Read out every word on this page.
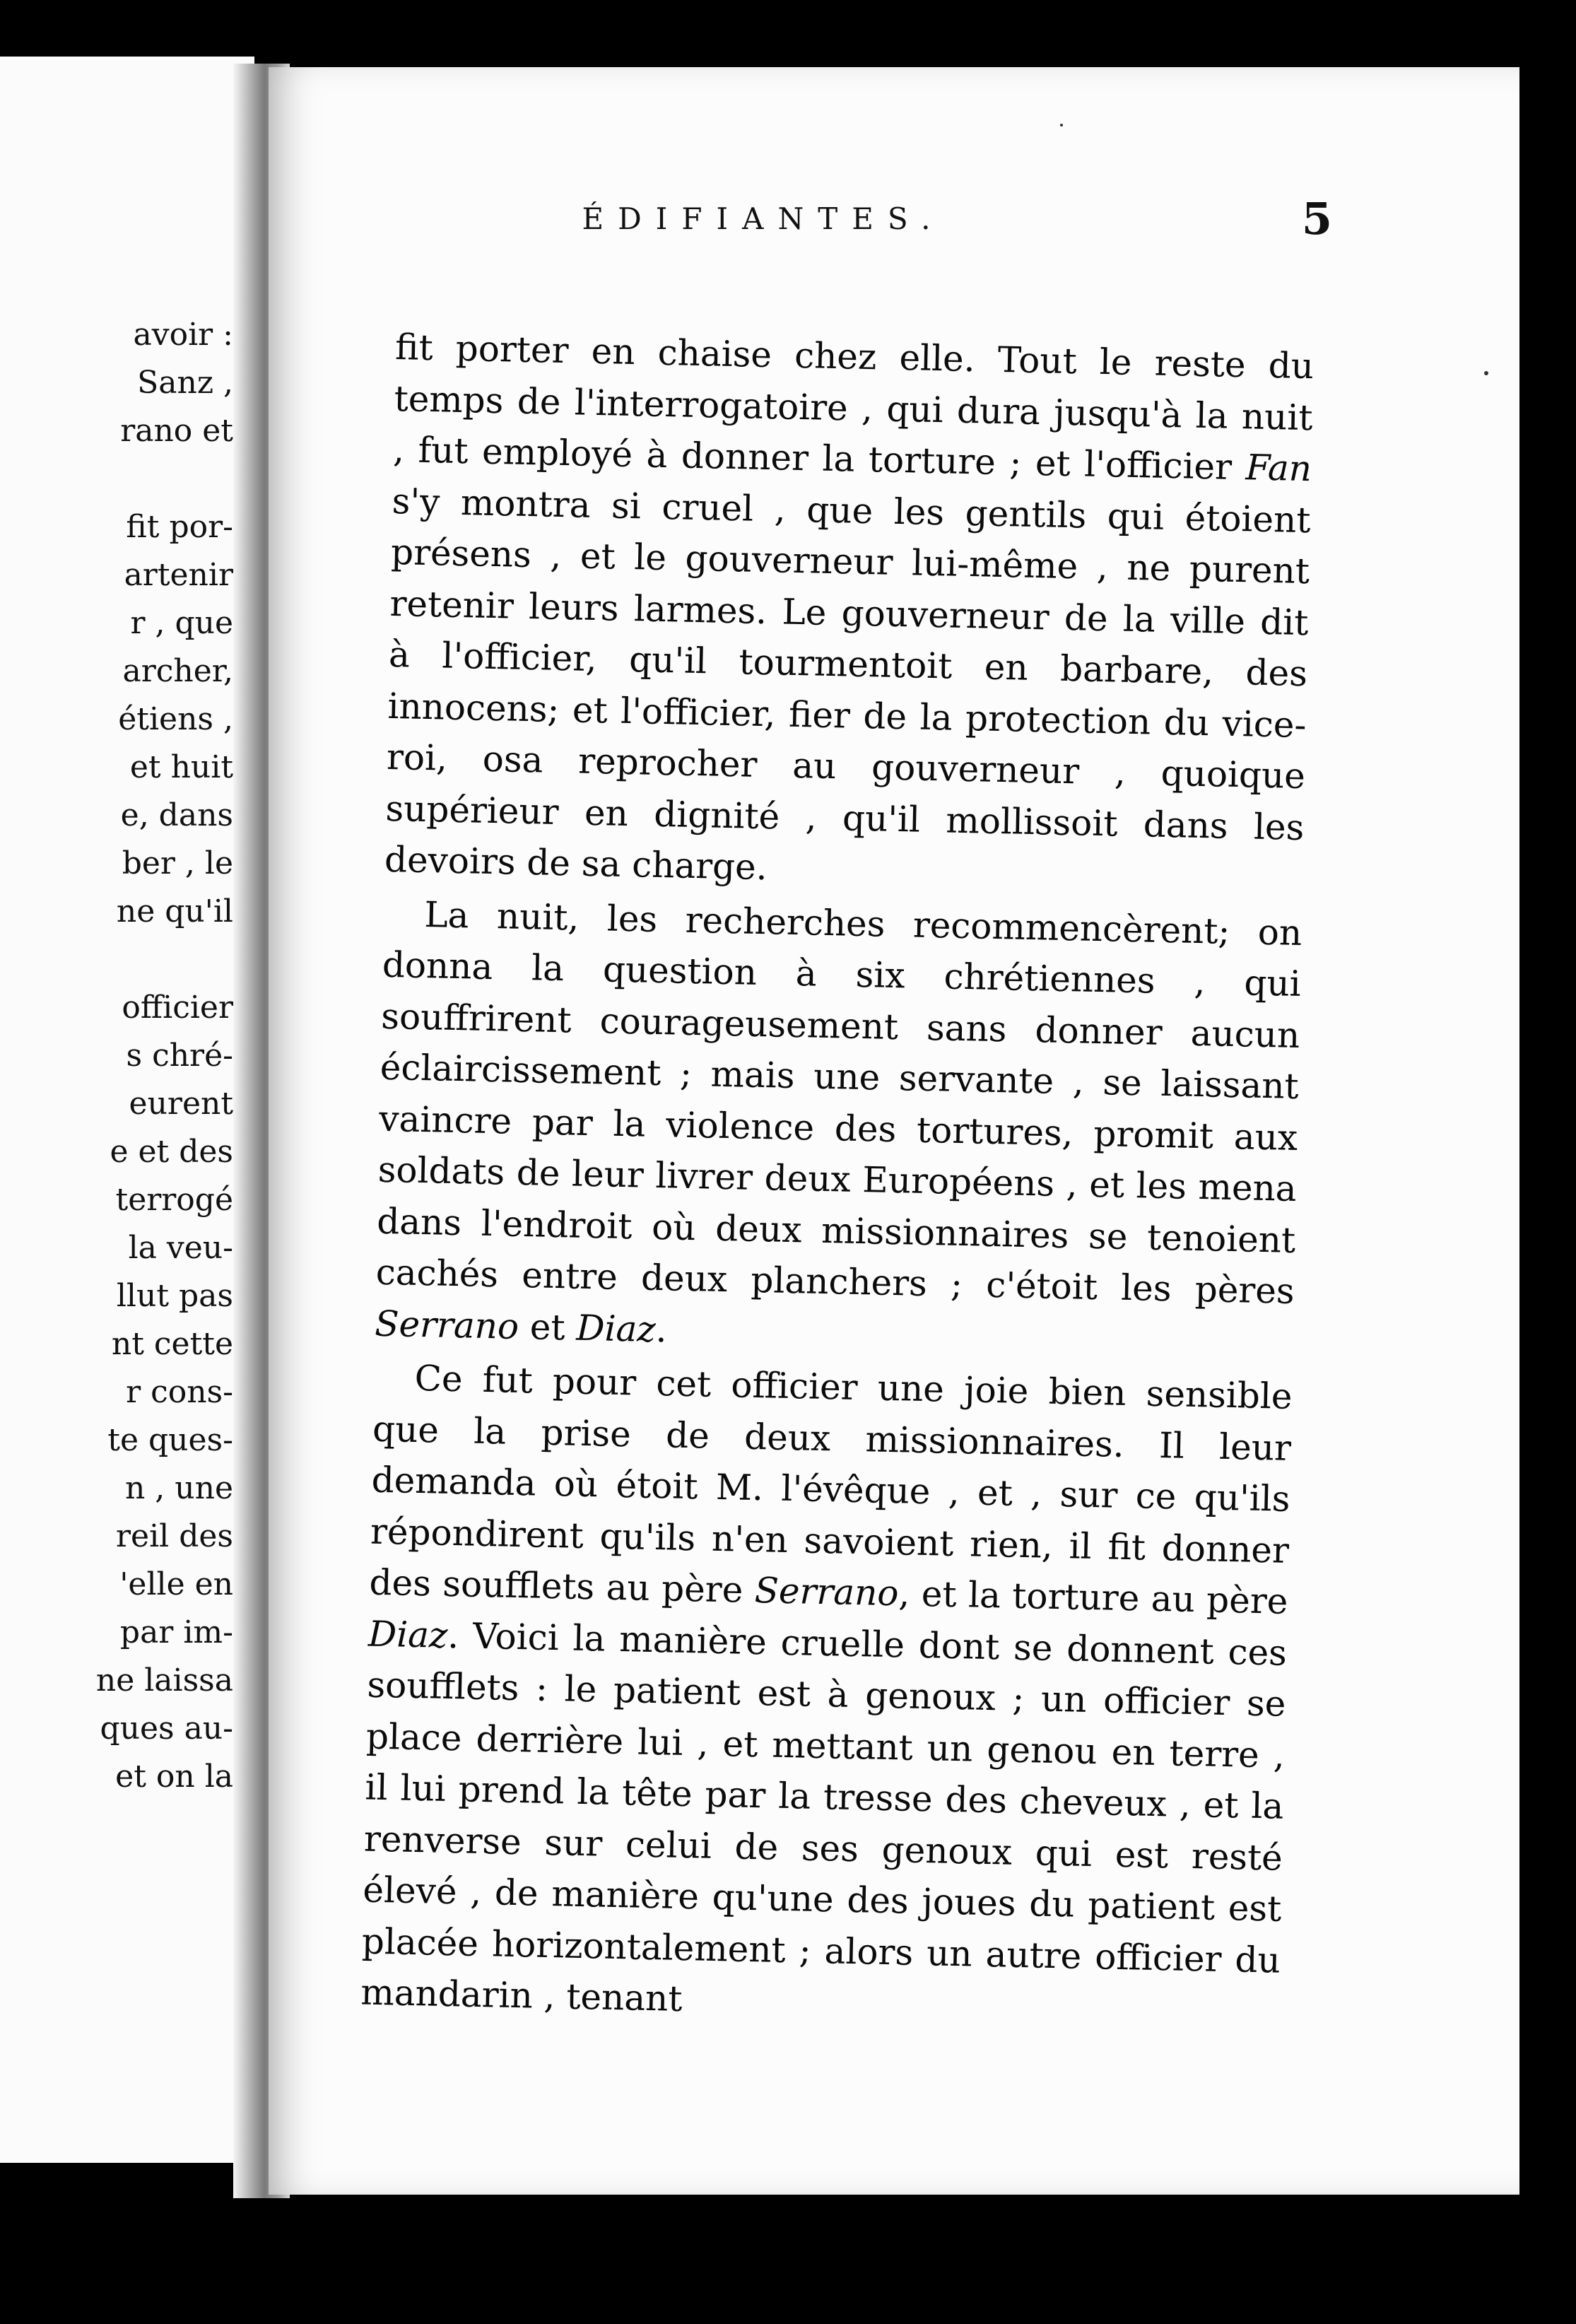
avoir :
Sanz ,
rano et
fit por-
artenir
r , que
archer,
étiens ,
et huit
e, dans
ber , le
ne qu'il
officier
s chré-
eurent
e et des
terrogé
la veu-
llut pas
nt cette
r cons-
te ques-
n , une
reil des
'elle en
par im-
ne laissa
ques au-
et on la
ÉDIFIANTES.	5

fit porter en chaise chez elle. Tout le reste du temps de l'interrogatoire , qui dura jusqu'à la nuit , fut employé à donner la torture ; et l'officier Fan s'y montra si cruel , que les gentils qui étoient présens , et le gouverneur lui-même , ne purent retenir leurs larmes. Le gouverneur de la ville dit à l'officier, qu'il tourmentoit en barbare, des innocens; et l'officier, fier de la protection du vice-roi, osa reprocher au gouverneur , quoique supérieur en dignité , qu'il mollissoit dans les devoirs de sa charge.

La nuit, les recherches recommencèrent; on donna la question à six chrétiennes , qui souffrirent courageusement sans donner aucun éclaircissement ; mais une servante , se laissant vaincre par la violence des tortures, promit aux soldats de leur livrer deux Européens , et les mena dans l'endroit où deux missionnaires se tenoient cachés entre deux planchers ; c'étoit les pères Serrano et Diaz.

Ce fut pour cet officier une joie bien sensible que la prise de deux missionnaires. Il leur demanda où étoit M. l'évêque , et , sur ce qu'ils répondirent qu'ils n'en savoient rien, il fit donner des soufflets au père Serrano, et la torture au père Diaz. Voici la manière cruelle dont se donnent ces soufflets : le patient est à genoux ; un officier se place derrière lui , et mettant un genou en terre , il lui prend la tête par la tresse des cheveux , et la renverse sur celui de ses genoux qui est resté élevé , de manière qu'une des joues du patient est placée horizontalement ; alors un autre officier du mandarin , tenant
